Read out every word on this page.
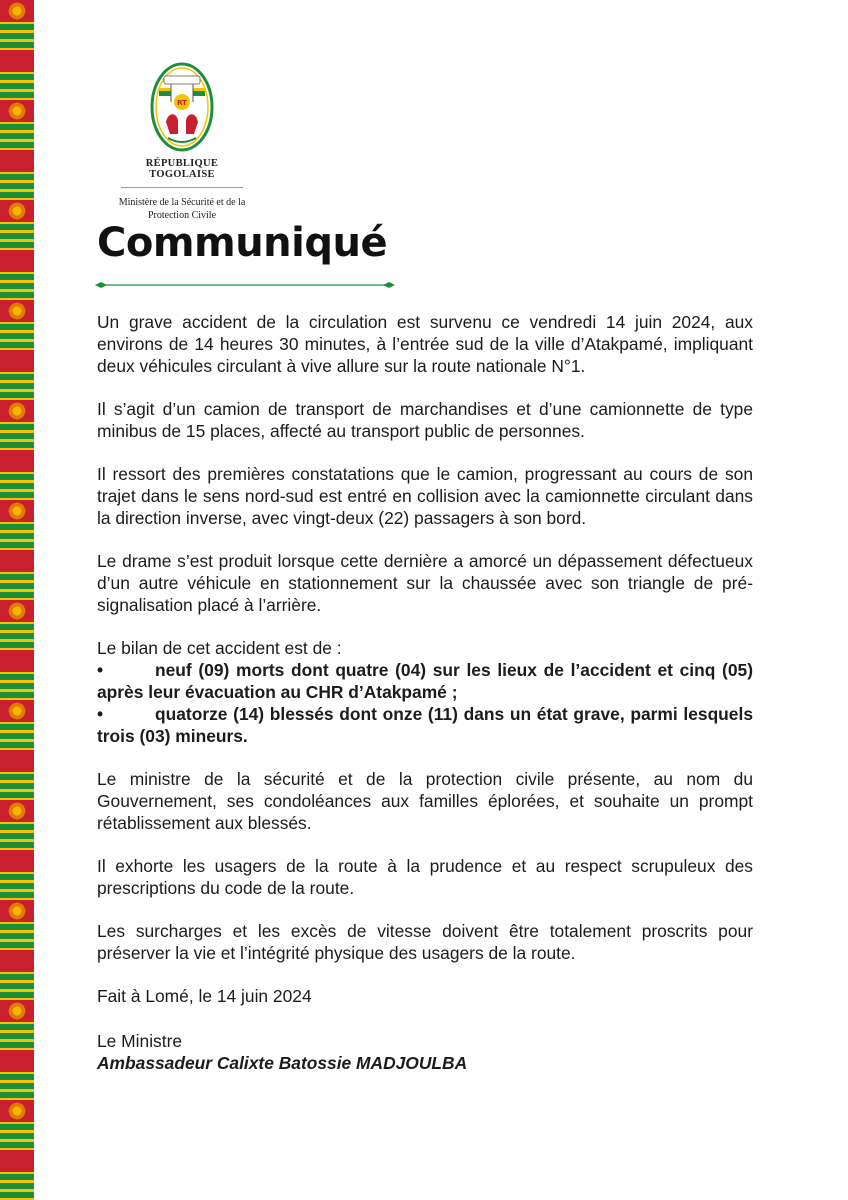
RT
RÉPUBLIQUE TOGOLAISE
Ministère de la Sécurité et de la
Protection Civile
Communiqué

Un grave accident de la circulation est survenu ce vendredi 14 juin 2024, aux environs de 14 heures 30 minutes, à l’entrée sud de la ville d’Atakpamé, impliquant deux véhicules circulant à vive allure sur la route nationale N°1.

Il s’agit d’un camion de transport de marchandises et d’une camionnette de type minibus de 15 places, affecté au transport public de personnes.

Il ressort des premières constatations que le camion, progressant au cours de son trajet dans le sens nord-sud est entré en collision avec la camionnette circulant dans la direction inverse, avec vingt-deux (22) passagers à son bord.

Le drame s’est produit lorsque cette dernière a amorcé un dépassement défectueux d’un autre véhicule en stationnement sur la chaussée avec son triangle de pré-signalisation placé à l’arrière.

Le bilan de cet accident est de :
•	neuf (09) morts dont quatre (04) sur les lieux de l’accident et cinq (05) après leur évacuation au CHR d’Atakpamé ;
•	quatorze (14) blessés dont onze (11) dans un état grave, parmi lesquels trois (03) mineurs.

Le ministre de la sécurité et de la protection civile présente, au nom du Gouvernement, ses condoléances aux familles éplorées, et souhaite un prompt rétablissement aux blessés.

Il exhorte les usagers de la route à la prudence et au respect scrupuleux des prescriptions du code de la route.

Les surcharges et les excès de vitesse doivent être totalement proscrits pour préserver la vie et l’intégrité physique des usagers de la route.

Fait à Lomé, le 14 juin 2024
Le Ministre
Ambassadeur Calixte Batossie MADJOULBA
